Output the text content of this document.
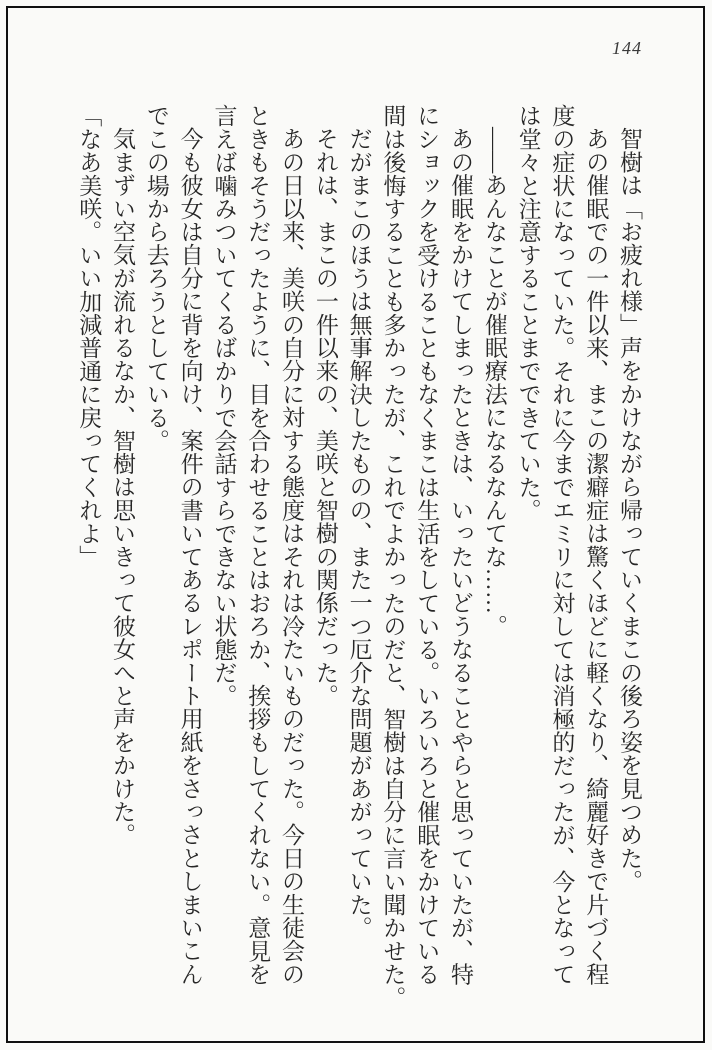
144
智樹は「お疲れ様」声をかけながら帰っていくまこの後ろ姿を見つめた。
あの催眠での一件以来、まこの潔癖症は驚くほどに軽くなり、綺麗好きで片づく程
度の症状になっていた。それに今までエミリに対しては消極的だったが、今となって
は堂々と注意することまでできていた。
――あんなことが催眠療法になるなんてな……。
あの催眠をかけてしまったときは、いったいどうなることやらと思っていたが、特
にショックを受けることもなくまこは生活をしている。いろいろと催眠をかけている
間は後悔することも多かったが、これでよかったのだと、智樹は自分に言い聞かせた。
だがまこのほうは無事解決したものの、また一つ厄介な問題があがっていた。
それは、まこの一件以来の、美咲と智樹の関係だった。
あの日以来、美咲の自分に対する態度はそれは冷たいものだった。今日の生徒会の
ときもそうだったように、目を合わせることはおろか、挨拶もしてくれない。意見を
言えば噛みついてくるばかりで会話すらできない状態だ。
今も彼女は自分に背を向け、案件の書いてあるレポート用紙をさっさとしまいこん
でこの場から去ろうとしている。
気まずい空気が流れるなか、智樹は思いきって彼女へと声をかけた。
「なあ美咲。いい加減普通に戻ってくれよ」
